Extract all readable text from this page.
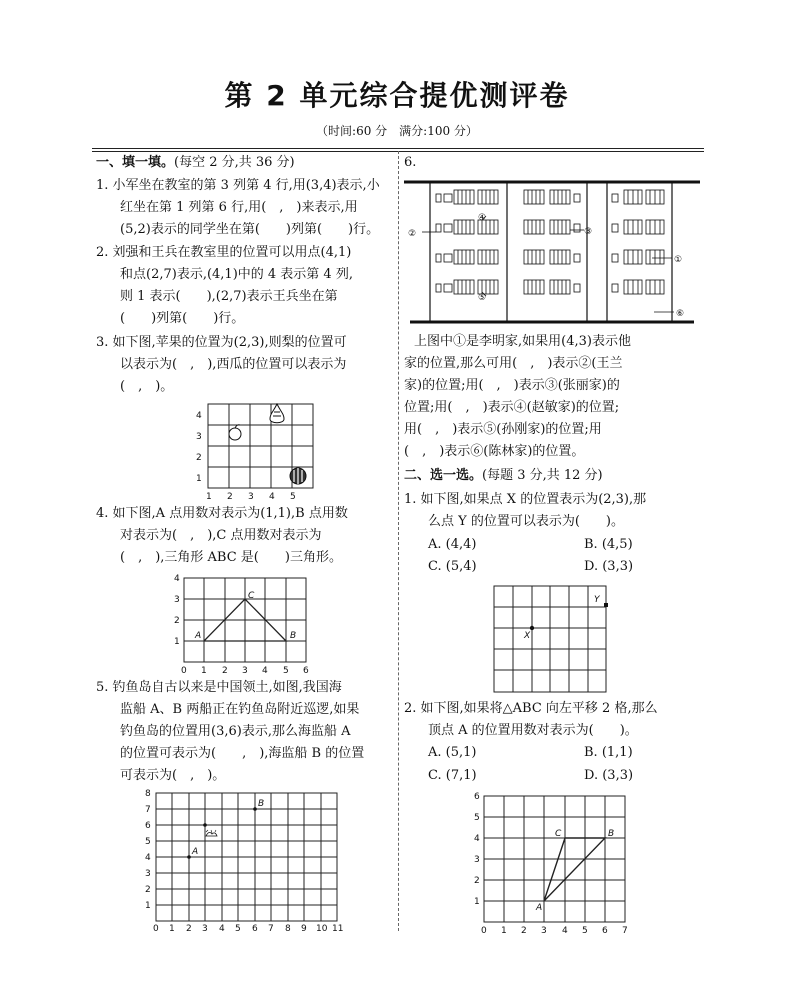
第 2 单元综合提优测评卷
（时间:60 分　满分:100 分）
一、填一填。(每空 2 分,共 36 分)
1. 小军坐在教室的第 3 列第 4 行,用(3,4)表示,小
红坐在第 1 列第 6 行,用(　,　)来表示,用
(5,2)表示的同学坐在第(　　)列第(　　)行。
2. 刘强和王兵在教室里的位置可以用点(4,1)
和点(2,7)表示,(4,1)中的 4 表示第 4 列,
则 1 表示(　　),(2,7)表示王兵坐在第
(　　)列第(　　)行。
3. 如下图,苹果的位置为(2,3),则梨的位置可
以表示为(　,　),西瓜的位置可以表示为
(　,　)。
4
3
2
1
1 2 3 4 5
4. 如下图,A 点用数对表示为(1,1),B 点用数
对表示为(　,　),C 点用数对表示为
(　,　),三角形 ABC 是(　　)三角形。
4
3
2
1
0 1 2 3 4 5 6
A	B
C
5. 钓鱼岛自古以来是中国领土,如图,我国海
监船 A、B 两船正在钓鱼岛附近巡逻,如果
钓鱼岛的位置用(3,6)表示,那么海监船 A
的位置可表示为(　　,　),海监船 B 的位置
可表示为(　,　)。
8
7
6
5
4
3
2
1
0 1 2 3 4 5 6 7 8 9 10 11
A
B
6.
①
②	③
④
⑤
⑥
上图中①是李明家,如果用(4,3)表示他
家的位置,那么可用(　,　)表示②(王兰
家)的位置;用(　,　)表示③(张丽家)的
位置;用(　,　)表示④(赵敏家)的位置;
用(　,　)表示⑤(孙刚家)的位置;用
(　,　)表示⑥(陈林家)的位置。
二、选一选。(每题 3 分,共 12 分)
1. 如下图,如果点 X 的位置表示为(2,3),那
么点 Y 的位置可以表示为(　　)。
A. (4,4)	B. (4,5)
C. (5,4)	D. (3,3)
X
Y
2. 如下图,如果将△ABC 向左平移 2 格,那么
顶点 A 的位置用数对表示为(　　)。
A. (5,1)	B. (1,1)
C. (7,1)	D. (3,3)
6
5
4
3
2
1
0 1 2 3 4 5 6 7
A
B
C
